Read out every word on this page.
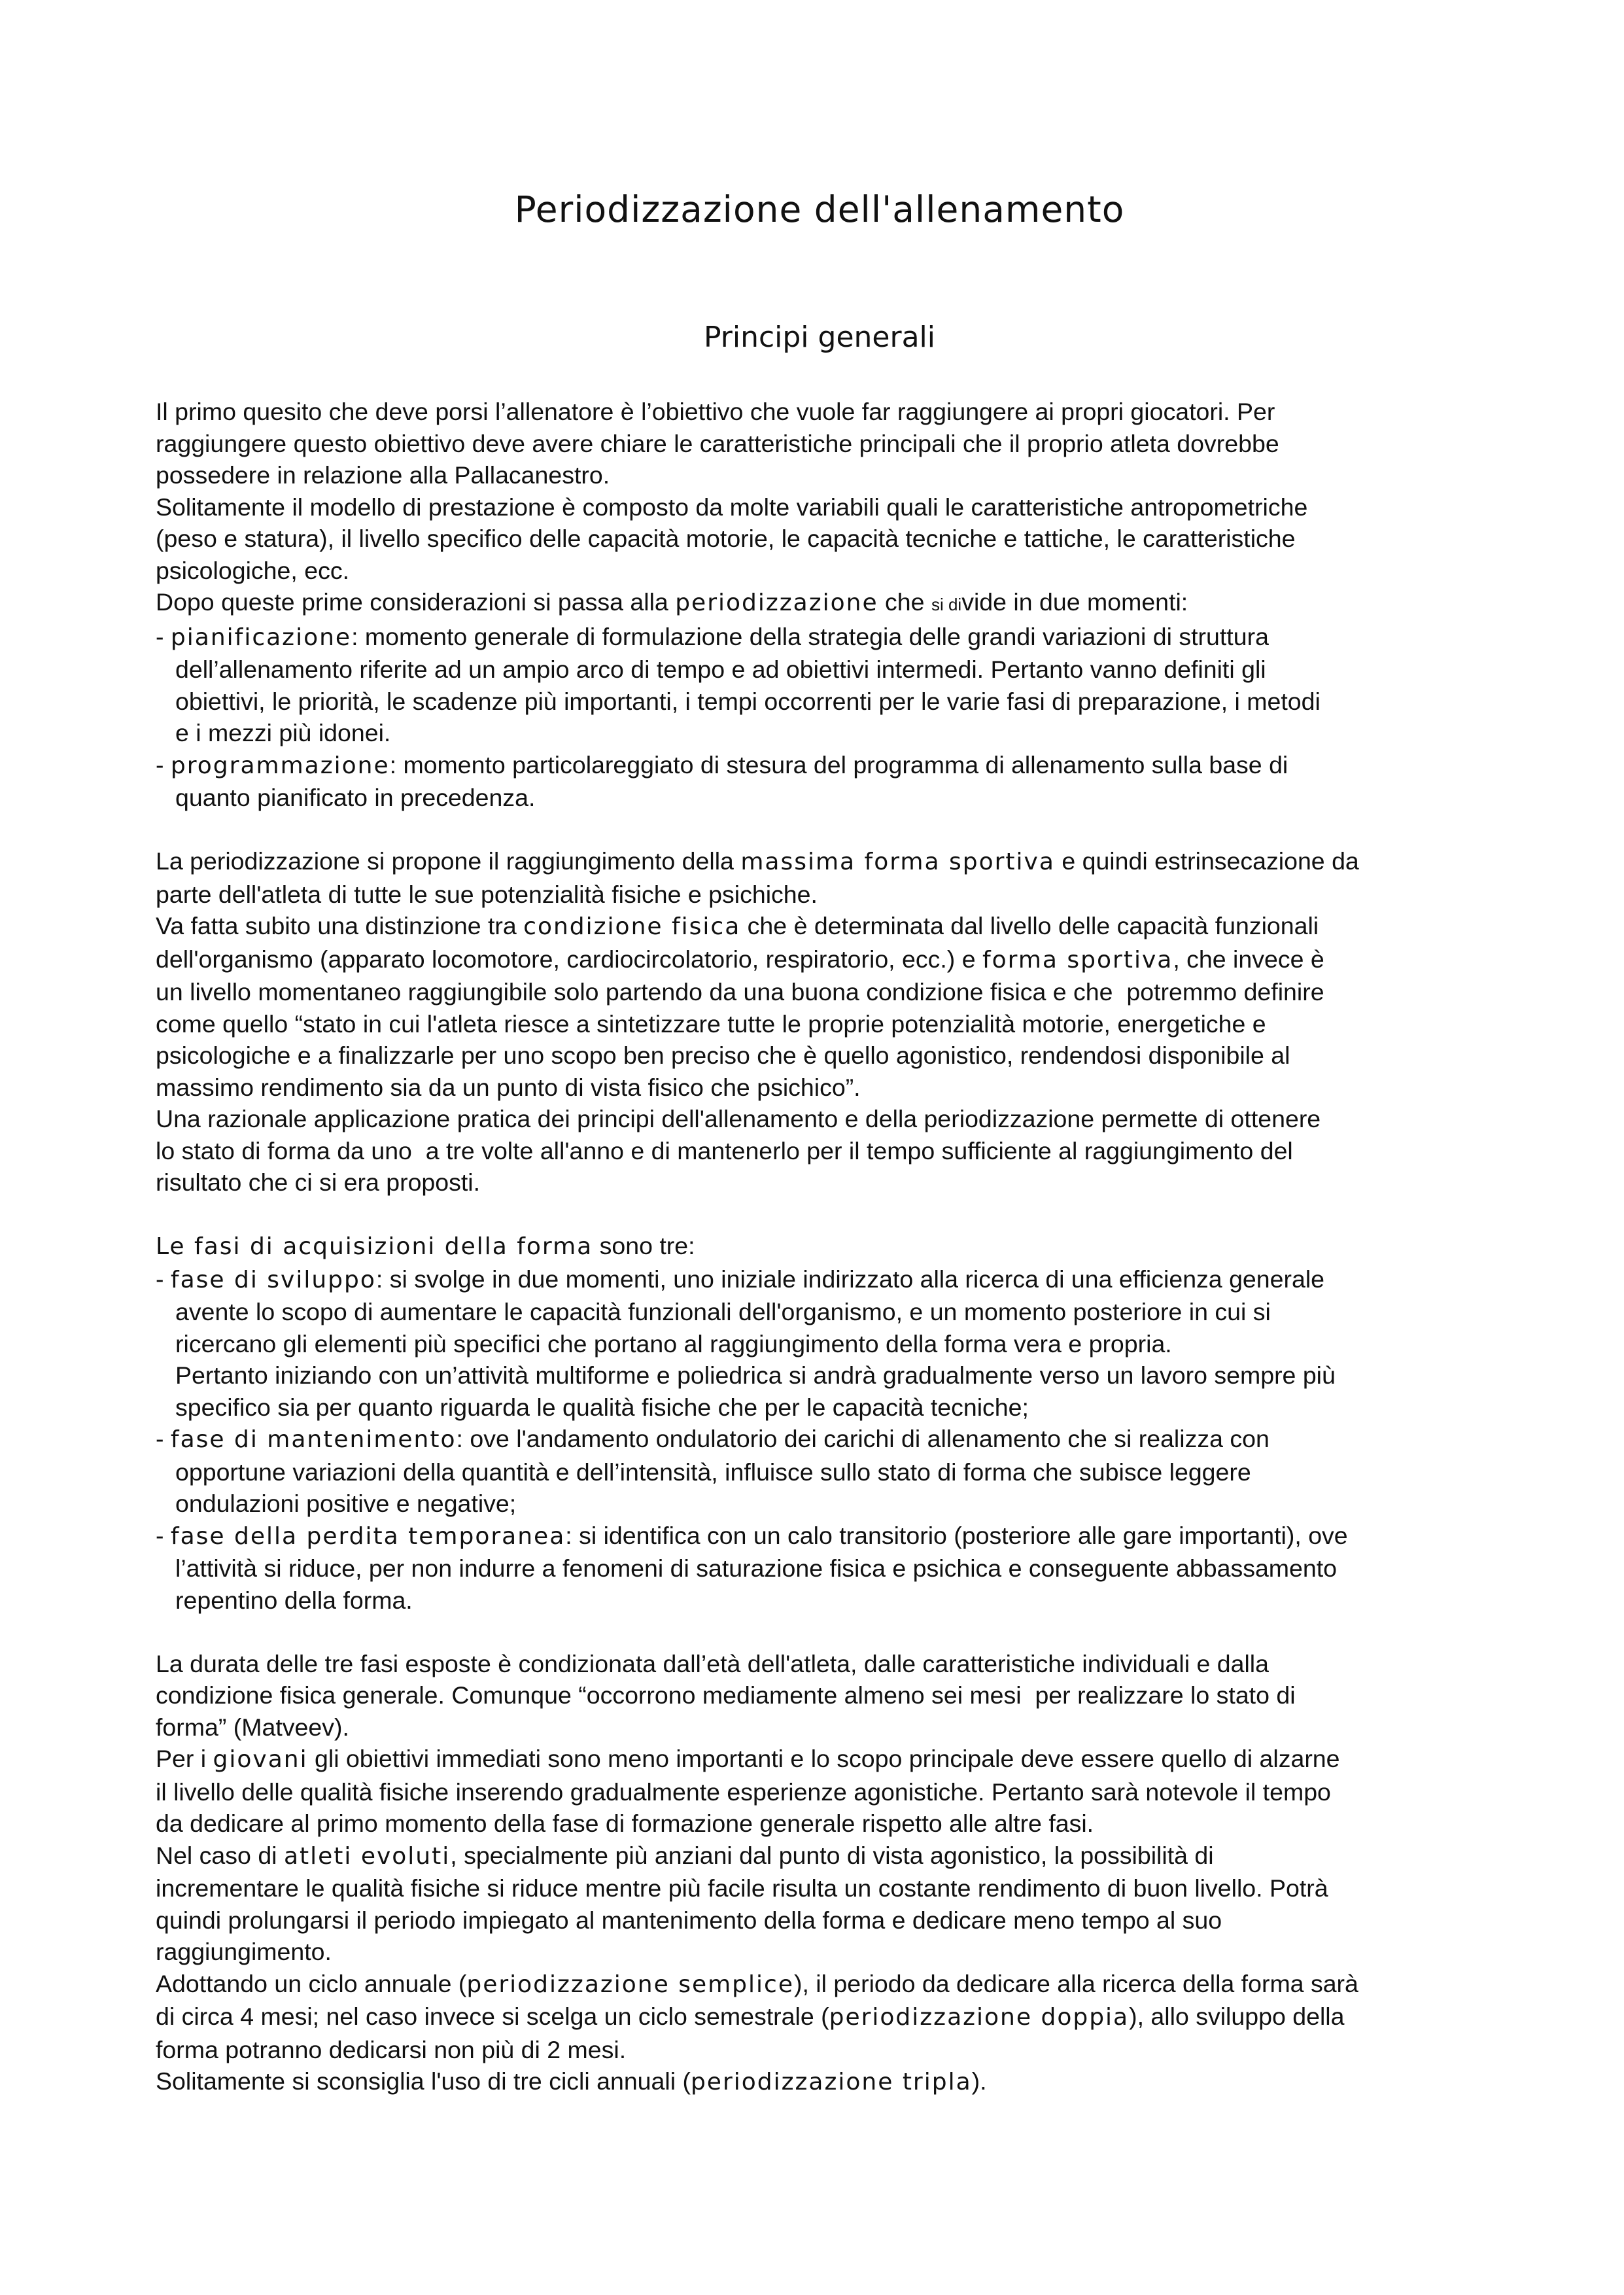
Periodizzazione dell'allenamento
Principi generali
Il primo quesito che deve porsi l’allenatore è l’obiettivo che vuole far raggiungere ai propri giocatori. Per
raggiungere questo obiettivo deve avere chiare le caratteristiche principali che il proprio atleta dovrebbe
possedere in relazione alla Pallacanestro.
Solitamente il modello di prestazione è composto da molte variabili quali le caratteristiche antropometriche
(peso e statura), il livello specifico delle capacità motorie, le capacità tecniche e tattiche, le caratteristiche
psicologiche, ecc.
Dopo queste prime considerazioni si passa alla periodizzazione che si divide in due momenti:
- pianificazione: momento generale di formulazione della strategia delle grandi variazioni di struttura
dell’allenamento riferite ad un ampio arco di tempo e ad obiettivi intermedi. Pertanto vanno definiti gli
obiettivi, le priorità, le scadenze più importanti, i tempi occorrenti per le varie fasi di preparazione, i metodi
e i mezzi più idonei.
- programmazione: momento particolareggiato di stesura del programma di allenamento sulla base di
quanto pianificato in precedenza.
La periodizzazione si propone il raggiungimento della massima forma sportiva e quindi estrinsecazione da
parte dell'atleta di tutte le sue potenzialità fisiche e psichiche.
Va fatta subito una distinzione tra condizione fisica che è determinata dal livello delle capacità funzionali
dell'organismo (apparato locomotore, cardiocircolatorio, respiratorio, ecc.) e forma sportiva, che invece è
un livello momentaneo raggiungibile solo partendo da una buona condizione fisica e che  potremmo definire
come quello “stato in cui l'atleta riesce a sintetizzare tutte le proprie potenzialità motorie, energetiche e
psicologiche e a finalizzarle per uno scopo ben preciso che è quello agonistico, rendendosi disponibile al
massimo rendimento sia da un punto di vista fisico che psichico”.
Una razionale applicazione pratica dei principi dell'allenamento e della periodizzazione permette di ottenere
lo stato di forma da uno  a tre volte all'anno e di mantenerlo per il tempo sufficiente al raggiungimento del
risultato che ci si era proposti.
Le fasi di acquisizioni della forma sono tre:
- fase di sviluppo: si svolge in due momenti, uno iniziale indirizzato alla ricerca di una efficienza generale
avente lo scopo di aumentare le capacità funzionali dell'organismo, e un momento posteriore in cui si
ricercano gli elementi più specifici che portano al raggiungimento della forma vera e propria.
Pertanto iniziando con un’attività multiforme e poliedrica si andrà gradualmente verso un lavoro sempre più
specifico sia per quanto riguarda le qualità fisiche che per le capacità tecniche;
- fase di mantenimento: ove l'andamento ondulatorio dei carichi di allenamento che si realizza con
opportune variazioni della quantità e dell’intensità, influisce sullo stato di forma che subisce leggere
ondulazioni positive e negative;
- fase della perdita temporanea: si identifica con un calo transitorio (posteriore alle gare importanti), ove
l’attività si riduce, per non indurre a fenomeni di saturazione fisica e psichica e conseguente abbassamento
repentino della forma.
La durata delle tre fasi esposte è condizionata dall’età dell'atleta, dalle caratteristiche individuali e dalla
condizione fisica generale. Comunque “occorrono mediamente almeno sei mesi  per realizzare lo stato di
forma” (Matveev).
Per i giovani gli obiettivi immediati sono meno importanti e lo scopo principale deve essere quello di alzarne
il livello delle qualità fisiche inserendo gradualmente esperienze agonistiche. Pertanto sarà notevole il tempo
da dedicare al primo momento della fase di formazione generale rispetto alle altre fasi.
Nel caso di atleti evoluti, specialmente più anziani dal punto di vista agonistico, la possibilità di
incrementare le qualità fisiche si riduce mentre più facile risulta un costante rendimento di buon livello. Potrà
quindi prolungarsi il periodo impiegato al mantenimento della forma e dedicare meno tempo al suo
raggiungimento.
Adottando un ciclo annuale (periodizzazione semplice), il periodo da dedicare alla ricerca della forma sarà
di circa 4 mesi; nel caso invece si scelga un ciclo semestrale (periodizzazione doppia), allo sviluppo della
forma potranno dedicarsi non più di 2 mesi.
Solitamente si sconsiglia l'uso di tre cicli annuali (periodizzazione tripla).
